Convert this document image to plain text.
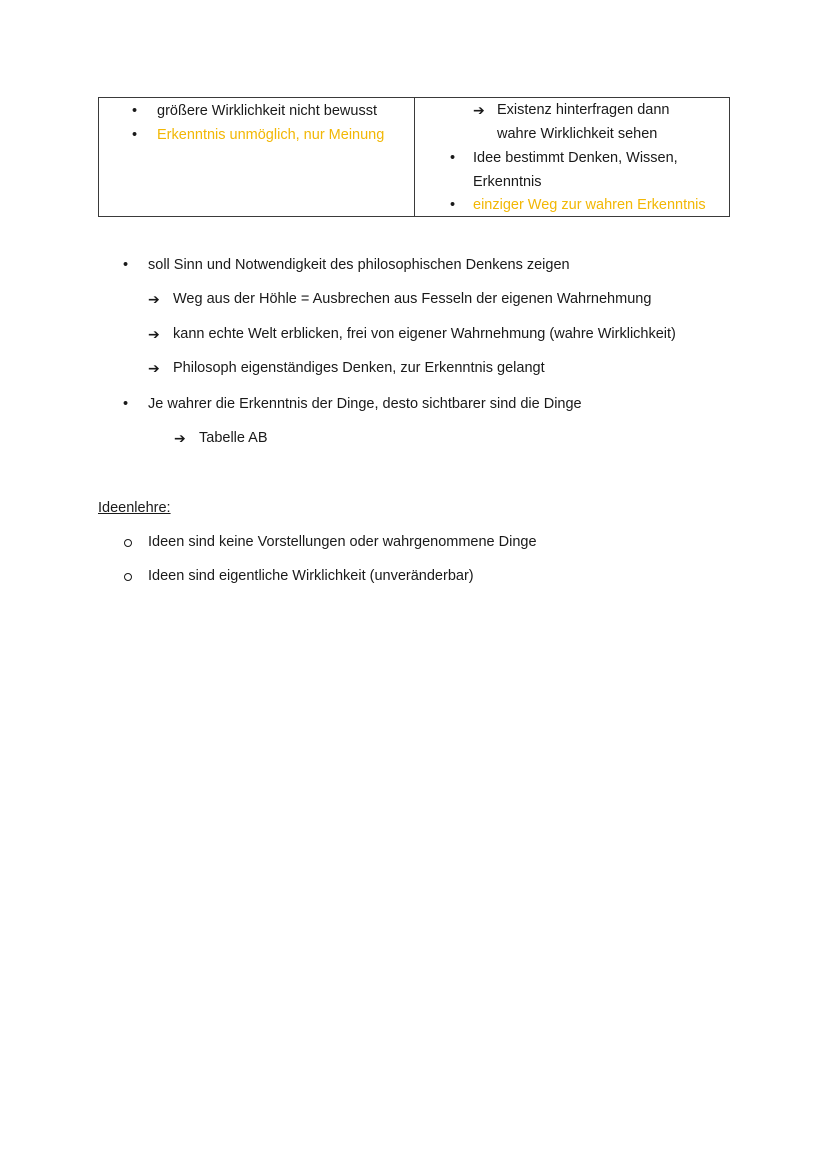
• größere Wirklichkeit nicht bewusst
• Erkenntnis unmöglich, nur Meinung
➔ Existenz hinterfragen dann
wahre Wirklichkeit sehen
• Idee bestimmt Denken, Wissen,
Erkenntnis
• einziger Weg zur wahren Erkenntnis
• soll Sinn und Notwendigkeit des philosophischen Denkens zeigen
➔ Weg aus der Höhle = Ausbrechen aus Fesseln der eigenen Wahrnehmung
➔ kann echte Welt erblicken, frei von eigener Wahrnehmung (wahre Wirklichkeit)
➔ Philosoph eigenständiges Denken, zur Erkenntnis gelangt
• Je wahrer die Erkenntnis der Dinge, desto sichtbarer sind die Dinge
➔ Tabelle AB
Ideenlehre:
Ideen sind keine Vorstellungen oder wahrgenommene Dinge
Ideen sind eigentliche Wirklichkeit (unveränderbar)
